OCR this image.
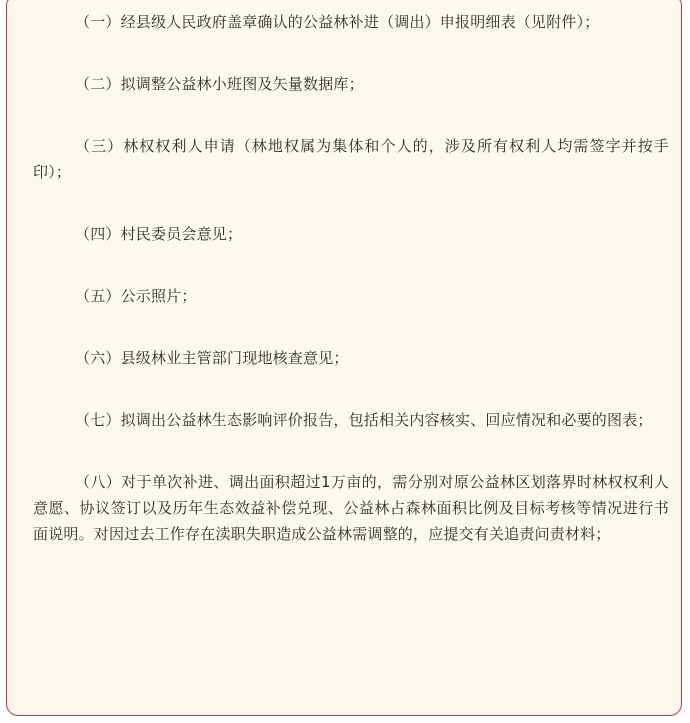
（一）经县级人民政府盖章确认的公益林补进（调出）申报明细表（见附件）；

（二）拟调整公益林小班图及矢量数据库；

（三）林权权利人申请（林地权属为集体和个人的，涉及所有权利人均需签字并按手印）；

（四）村民委员会意见；

（五）公示照片；

（六）县级林业主管部门现地核查意见；

（七）拟调出公益林生态影响评价报告，包括相关内容核实、回应情况和必要的图表；

（八）对于单次补进、调出面积超过1万亩的，需分别对原公益林区划落界时林权权利人意愿、协议签订以及历年生态效益补偿兑现、公益林占森林面积比例及目标考核等情况进行书面说明。对因过去工作存在渎职失职造成公益林需调整的，应提交有关追责问责材料；
